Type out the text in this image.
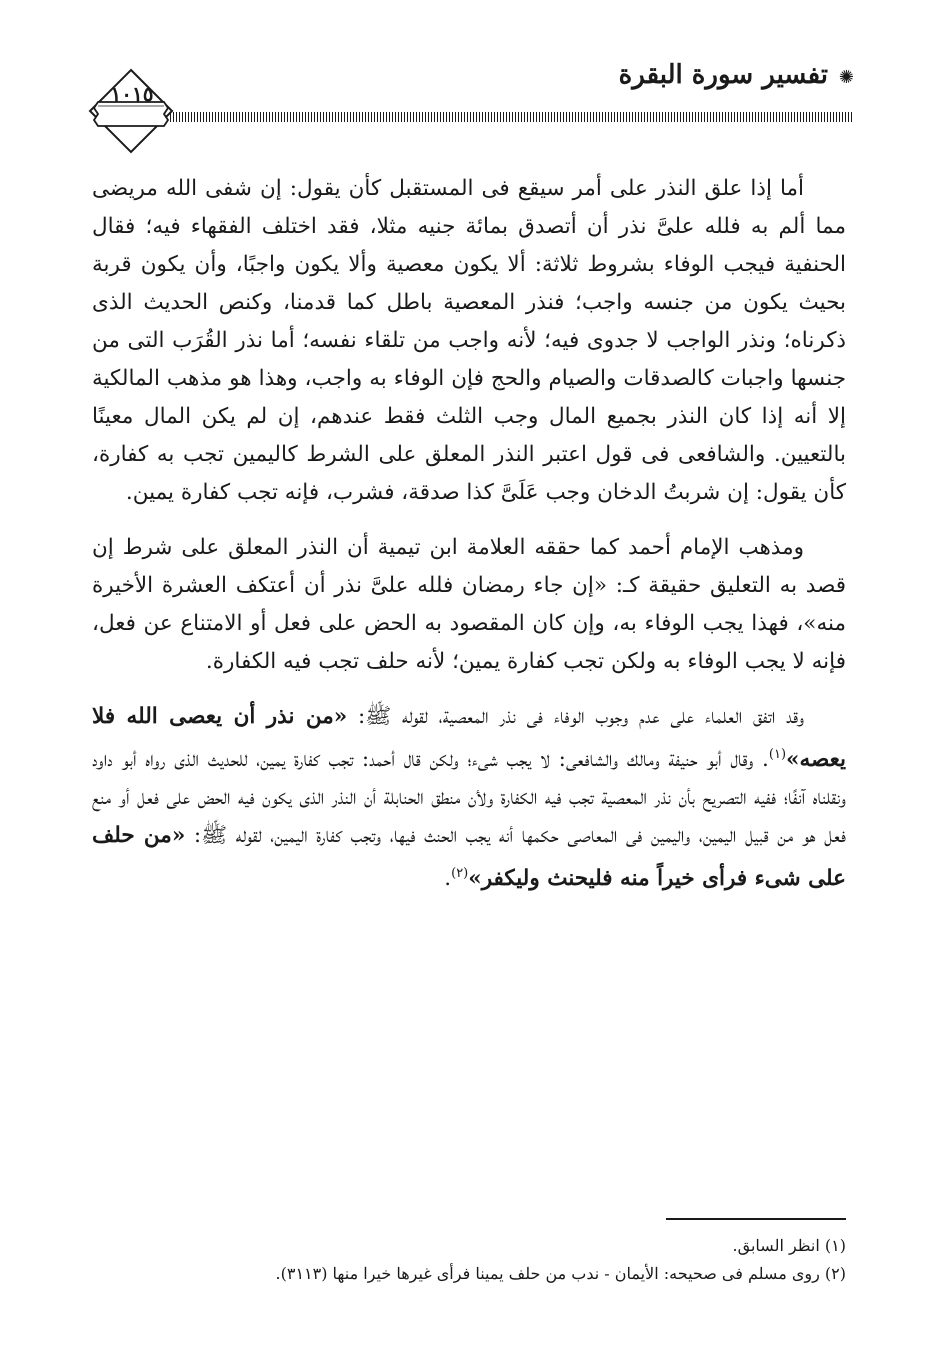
✺
تفسير سورة البقرة
١٠١٥

أما إذا علق النذر على أمر سيقع فى المستقبل كأن يقول: إن شفى الله مريضى مما ألم به فلله علىَّ نذر أن أتصدق بمائة جنيه مثلا، فقد اختلف الفقهاء فيه؛ فقال الحنفية فيجب الوفاء بشروط ثلاثة: ألا يكون معصية وألا يكون واجبًا، وأن يكون قربة بحيث يكون من جنسه واجب؛ فنذر المعصية باطل كما قدمنا، وكنص الحديث الذى ذكرناه؛ ونذر الواجب لا جدوى فيه؛ لأنه واجب من تلقاء نفسه؛ أما نذر القُرَب التى من جنسها واجبات كالصدقات والصيام والحج فإن الوفاء به واجب، وهذا هو مذهب المالكية إلا أنه إذا كان النذر بجميع المال وجب الثلث فقط عندهم، إن لم يكن المال معينًا بالتعيين. والشافعى فى قول اعتبر النذر المعلق على الشرط كاليمين تجب به كفارة، كأن يقول: إن شربتُ الدخان وجب عَلَىَّ كذا صدقة، فشرب، فإنه تجب كفارة يمين.

ومذهب الإمام أحمد كما حققه العلامة ابن تيمية أن النذر المعلق على شرط إن قصد به التعليق حقيقة كـ: «إن جاء رمضان فلله علىَّ نذر أن أعتكف العشرة الأخيرة منه»، فهذا يجب الوفاء به، وإن كان المقصود به الحض على فعل أو الامتناع عن فعل، فإنه لا يجب الوفاء به ولكن تجب كفارة يمين؛ لأنه حلف تجب فيه الكفارة.

وقد اتفق العلماء على عدم وجوب الوفاء فى نذر المعصية، لقوله ﷺ: «من نذر أن يعصى الله فلا يعصه»$^{(١)}$. وقال أبو حنيفة ومالك والشافعى: لا يجب شىء؛ ولكن قال أحمد: تجب كفارة يمين، للحديث الذى رواه أبو داود ونقلناه آنفًا؛ ففيه التصريح بأن نذر المعصية تجب فيه الكفارة ولأن منطق الحنابلة أن النذر الذى يكون فيه الحض على فعل أو منع فعل هو من قبيل اليمين، واليمين فى المعاصى حكمها أنه يجب الحنث فيها، وتجب كفارة اليمين، لقوله ﷺ: «من حلف على شىء فرأى خيراً منه فليحنث وليكفر»$^{(٢)}$.

(١) انظر السابق.

(٢) روى مسلم فى صحيحه: الأيمان - ندب من حلف يمينا فرأى غيرها خيرا منها (٣١١٣).
